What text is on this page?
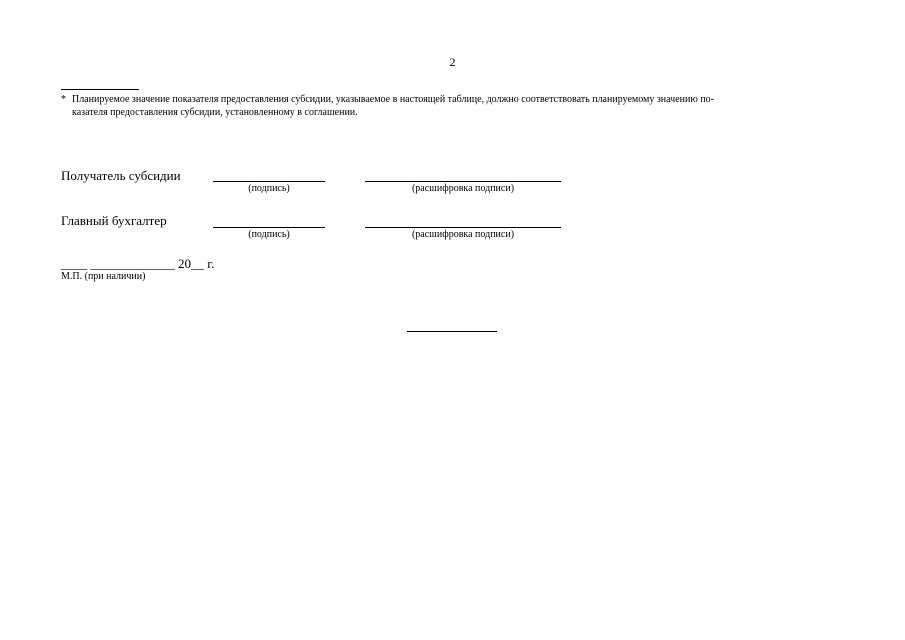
2
* Планируемое значение показателя предоставления субсидии, указываемое в настоящей таблице, должно соответствовать планируемому значению по-
казателя предоставления субсидии, установленному в соглашении.
Получатель субсидии
(подпись)	(расшифровка подписи)
Главный бухгалтер
(подпись)	(расшифровка подписи)
____ _____________ 20__ г.
М.П. (при наличии)
